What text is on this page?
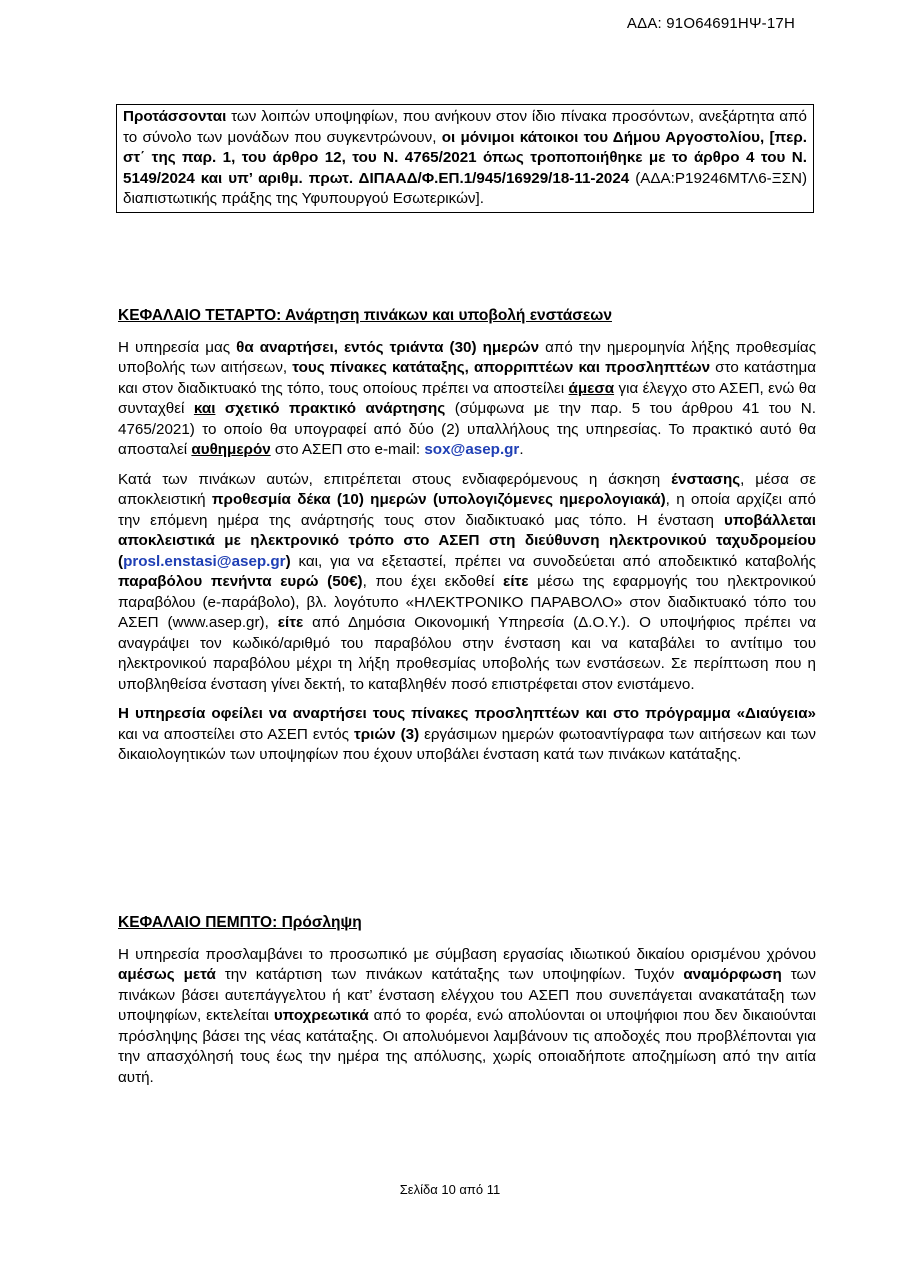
ΑΔΑ: 91Ο64691ΗΨ-17Η
Προτάσσονται των λοιπών υποψηφίων, που ανήκουν στον ίδιο πίνακα προσόντων, ανεξάρτητα από το σύνολο των μονάδων που συγκεντρώνουν, οι μόνιμοι κάτοικοι του Δήμου Αργοστολίου, [περ. στ΄ της παρ. 1, του άρθρο 12, του Ν. 4765/2021 όπως τροποποιήθηκε με το άρθρο 4 του Ν. 5149/2024 και υπ’ αριθμ. πρωτ. ΔΙΠΑΑΔ/Φ.ΕΠ.1/945/16929/18-11-2024 (ΑΔΑ:Ρ19246ΜΤΛ6-ΞΣΝ) διαπιστωτικής πράξης της Υφυπουργού Εσωτερικών].

ΚΕΦΑΛΑΙΟ ΤΕΤΑΡΤΟ: Ανάρτηση πινάκων και υποβολή ενστάσεων

Η υπηρεσία μας θα αναρτήσει, εντός τριάντα (30) ημερών από την ημερομηνία λήξης προθεσμίας υποβολής των αιτήσεων, τους πίνακες κατάταξης, απορριπτέων και προσληπτέων στο κατάστημα και στον διαδικτυακό της τόπο, τους οποίους πρέπει να αποστείλει άμεσα για έλεγχο στο ΑΣΕΠ, ενώ θα συνταχθεί και σχετικό πρακτικό ανάρτησης (σύμφωνα με την παρ. 5 του άρθρου 41 του Ν. 4765/2021) το οποίο θα υπογραφεί από δύο (2) υπαλλήλους της υπηρεσίας. Το πρακτικό αυτό θα αποσταλεί αυθημερόν στο ΑΣΕΠ στο e-mail: sox@asep.gr.

Κατά των πινάκων αυτών, επιτρέπεται στους ενδιαφερόμενους η άσκηση ένστασης, μέσα σε αποκλειστική προθεσμία δέκα (10) ημερών (υπολογιζόμενες ημερολογιακά), η οποία αρχίζει από την επόμενη ημέρα της ανάρτησής τους στον διαδικτυακό μας τόπο. Η ένσταση υποβάλλεται αποκλειστικά με ηλεκτρονικό τρόπο στο ΑΣΕΠ στη διεύθυνση ηλεκτρονικού ταχυδρομείου (prosl.enstasi@asep.gr) και, για να εξεταστεί, πρέπει να συνοδεύεται από αποδεικτικό καταβολής παραβόλου πενήντα ευρώ (50€), που έχει εκδοθεί είτε μέσω της εφαρμογής του ηλεκτρονικού παραβόλου (e-παράβολο), βλ. λογότυπο «ΗΛΕΚΤΡΟΝΙΚΟ ΠΑΡΑΒΟΛΟ» στον διαδικτυακό τόπο του ΑΣΕΠ (www.asep.gr), είτε από Δημόσια Οικονομική Υπηρεσία (Δ.Ο.Υ.). Ο υποψήφιος πρέπει να αναγράψει τον κωδικό/αριθμό του παραβόλου στην ένσταση και να καταβάλει το αντίτιμο του ηλεκτρονικού παραβόλου μέχρι τη λήξη προθεσμίας υποβολής των ενστάσεων. Σε περίπτωση που η υποβληθείσα ένσταση γίνει δεκτή, το καταβληθέν ποσό επιστρέφεται στον ενιστάμενο.

Η υπηρεσία οφείλει να αναρτήσει τους πίνακες προσληπτέων και στο πρόγραμμα «Διαύγεια» και να αποστείλει στο ΑΣΕΠ εντός τριών (3) εργάσιμων ημερών φωτοαντίγραφα των αιτήσεων και των δικαιολογητικών των υποψηφίων που έχουν υποβάλει ένσταση κατά των πινάκων κατάταξης.

ΚΕΦΑΛΑΙΟ ΠΕΜΠΤΟ: Πρόσληψη

Η υπηρεσία προσλαμβάνει το προσωπικό με σύμβαση εργασίας ιδιωτικού δικαίου ορισμένου χρόνου αμέσως μετά την κατάρτιση των πινάκων κατάταξης των υποψηφίων. Τυχόν αναμόρφωση των πινάκων βάσει αυτεπάγγελτου ή κατ’ ένσταση ελέγχου του ΑΣΕΠ που συνεπάγεται ανακατάταξη των υποψηφίων, εκτελείται υποχρεωτικά από το φορέα, ενώ απολύονται οι υποψήφιοι που δεν δικαιούνται πρόσληψης βάσει της νέας κατάταξης. Οι απολυόμενοι λαμβάνουν τις αποδοχές που προβλέπονται για την απασχόλησή τους έως την ημέρα της απόλυσης, χωρίς οποιαδήποτε αποζημίωση από την αιτία αυτή.

Σελίδα 10 από 11
